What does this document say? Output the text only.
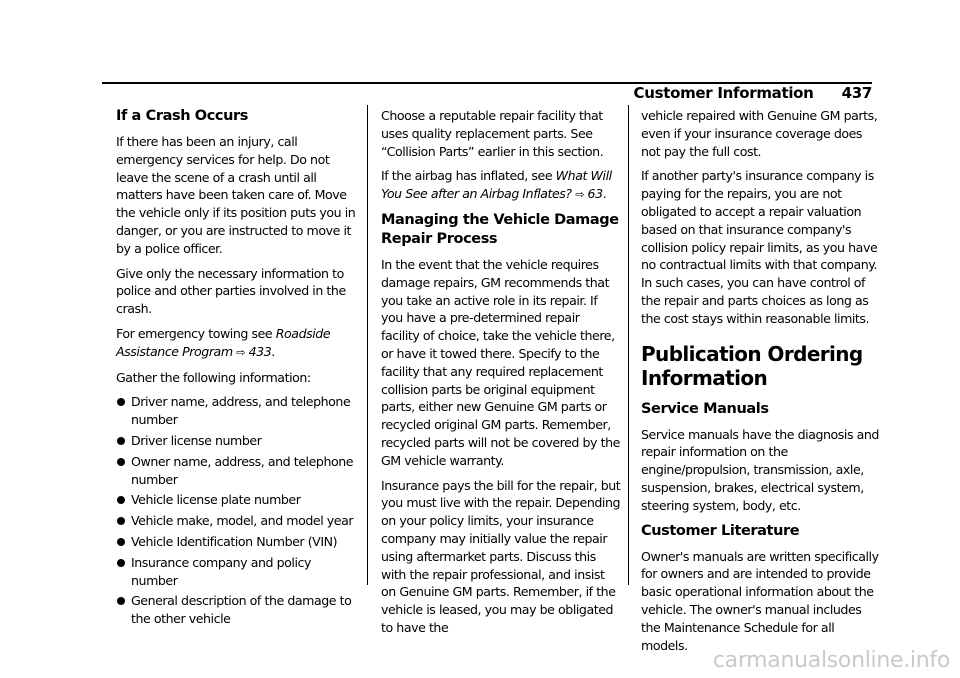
Customer Information 437
If a Crash Occurs

If there has been an injury, call emergency services for help. Do not leave the scene of a crash until all matters have been taken care of. Move the vehicle only if its position puts you in danger, or you are instructed to move it by a police officer.

Give only the necessary information to police and other parties involved in the crash.

For emergency towing see Roadside Assistance Program ⇨ 433.

Gather the following information:

Driver name, address, and telephone number
Driver license number
Owner name, address, and telephone number
Vehicle license plate number
Vehicle make, model, and model year
Vehicle Identification Number (VIN)
Insurance company and policy number
General description of the damage to the other vehicle

Choose a reputable repair facility that uses quality replacement parts. See “Collision Parts” earlier in this section.

If the airbag has inflated, see What Will You See after an Airbag Inflates? ⇨ 63.

Managing the Vehicle Damage Repair Process

In the event that the vehicle requires damage repairs, GM recommends that you take an active role in its repair. If you have a pre-determined repair facility of choice, take the vehicle there, or have it towed there. Specify to the facility that any required replacement collision parts be original equipment parts, either new Genuine GM parts or recycled original GM parts. Remember, recycled parts will not be covered by the GM vehicle warranty.

Insurance pays the bill for the repair, but you must live with the repair. Depending on your policy limits, your insurance company may initially value the repair using aftermarket parts. Discuss this with the repair professional, and insist on Genuine GM parts. Remember, if the vehicle is leased, you may be obligated to have the

vehicle repaired with Genuine GM parts, even if your insurance coverage does not pay the full cost.

If another party's insurance company is paying for the repairs, you are not obligated to accept a repair valuation based on that insurance company's collision policy repair limits, as you have no contractual limits with that company. In such cases, you can have control of the repair and parts choices as long as the cost stays within reasonable limits.

Publication Ordering Information
Service Manuals

Service manuals have the diagnosis and repair information on the engine/propulsion, transmission, axle, suspension, brakes, electrical system, steering system, body, etc.

Customer Literature

Owner's manuals are written specifically for owners and are intended to provide basic operational information about the vehicle. The owner's manual includes the Maintenance Schedule for all models.

carmanualsonline.info
